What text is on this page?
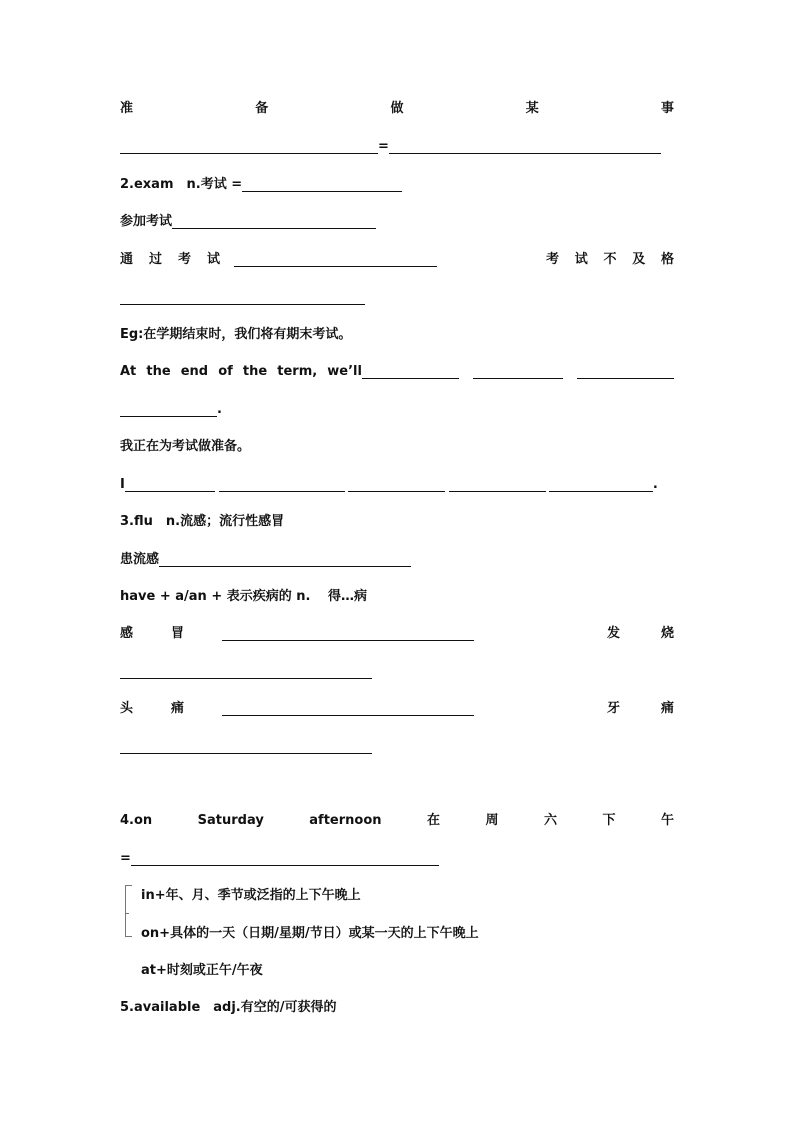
准	备	做	某	事
=
2.exam　n.考试 =
参加考试
通 过 考 试	考 试 不 及 格
Eg:在学期结束时，我们将有期末考试。
At the end of the term, we’ll
.
我正在为考试做准备。
I	.
3.flu　n.流感；流行性感冒
患流感
have + a/an + 表示疾病的 n.　 得…病
感	冒	发	烧
头	痛	牙	痛
4.on	Saturday	afternoon	在	周	六	下	午
=
in+年、月、季节或泛指的上下午晚上
on+具体的一天（日期/星期/节日）或某一天的上下午晚上
at+时刻或正午/午夜
5.available　adj.有空的/可获得的
